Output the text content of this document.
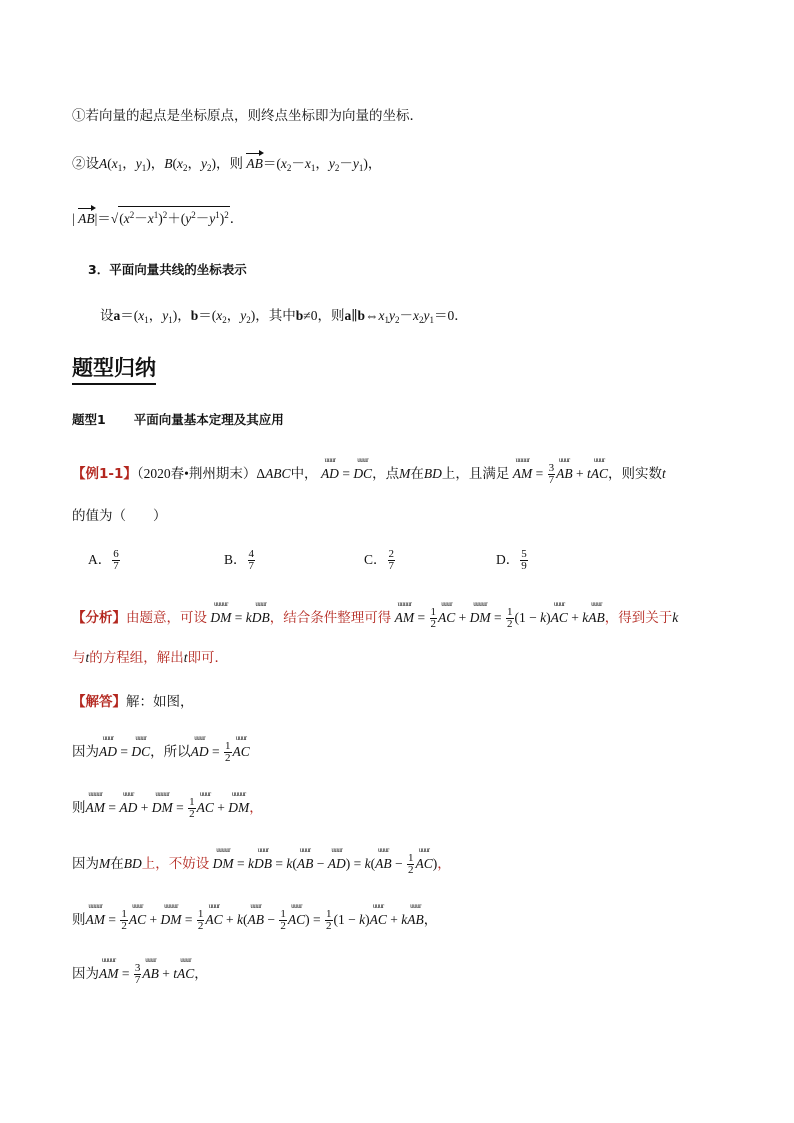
①若向量的起点是坐标原点，则终点坐标即为向量的坐标．
②设$A(x_1$，$y_1$)，$B(x_2$，$y_2$)，则 $AB=(x_2-x_1$，$y_2-y_1$)，
| $AB|=√(x^2-x^1)^2+(y^2-y^1)^2$．
3．平面向量共线的坐标表示
设$a=(x_1$，$y_1$)，$b=(x_2$，$y_2$)，其中b≠0，则$a\parallel b\Leftrightarrow x_1y_2-x_2y_1=0$．
题型归纳
题型1 平面向量基本定理及其应用
【例1-1】（2020春•荆州期末）ΔABC中，
uuur
AD =
uuur
DC，点M在BD上，且满足
uuuur
AM = $\frac{3}{7}$
uuur
AB + t
uuur
AC，则实数t
的值为（　　）
A． $\frac{6}{7}$	B． $\frac{4}{7}$	C． $\frac{2}{7}$	D． $\frac{5}{9}$
【分析】由题意，可设
uuuur
DM = k
uuur
DB，结合条件整理可得
uuuur
AM = $\frac{1}{2}$
uuur
AC +
uuuur
DM = $\frac{1}{2} (1 - k)$
uuur
AC + k
uuur
AB，得到关于k
与t的方程组，解出t即可．
【解答】解：如图，
因为
uuur
AD =
uuur
DC，所以
uuur
AD = $\frac{1}{2}$
uuur
AC
则
uuuur
AM =
uuur
AD +
uuuur
DM = $\frac{1}{2}$
uuur
AC +
uuuur
DM，
因为M在BD上，不妨设
uuuur
DM = k
uuur
DB = k(
uuur
AB −
uuur
AD) = k(
uuur
AB − $\frac{1}{2}$
uuur
AC)，
则
uuuur
AM = $\frac{1}{2}$
uuur
AC +
uuuur
DM = $\frac{1}{2}$
uuur
AC + k(
uuur
AB − $\frac{1}{2}$
uuur
$AC) = \frac{1}{2} (1 - k)$
uuur
AC + k
uuur
AB，
因为
uuuur
AM = $\frac{3}{7}$
uuur
AB + t
uuur
AC，
